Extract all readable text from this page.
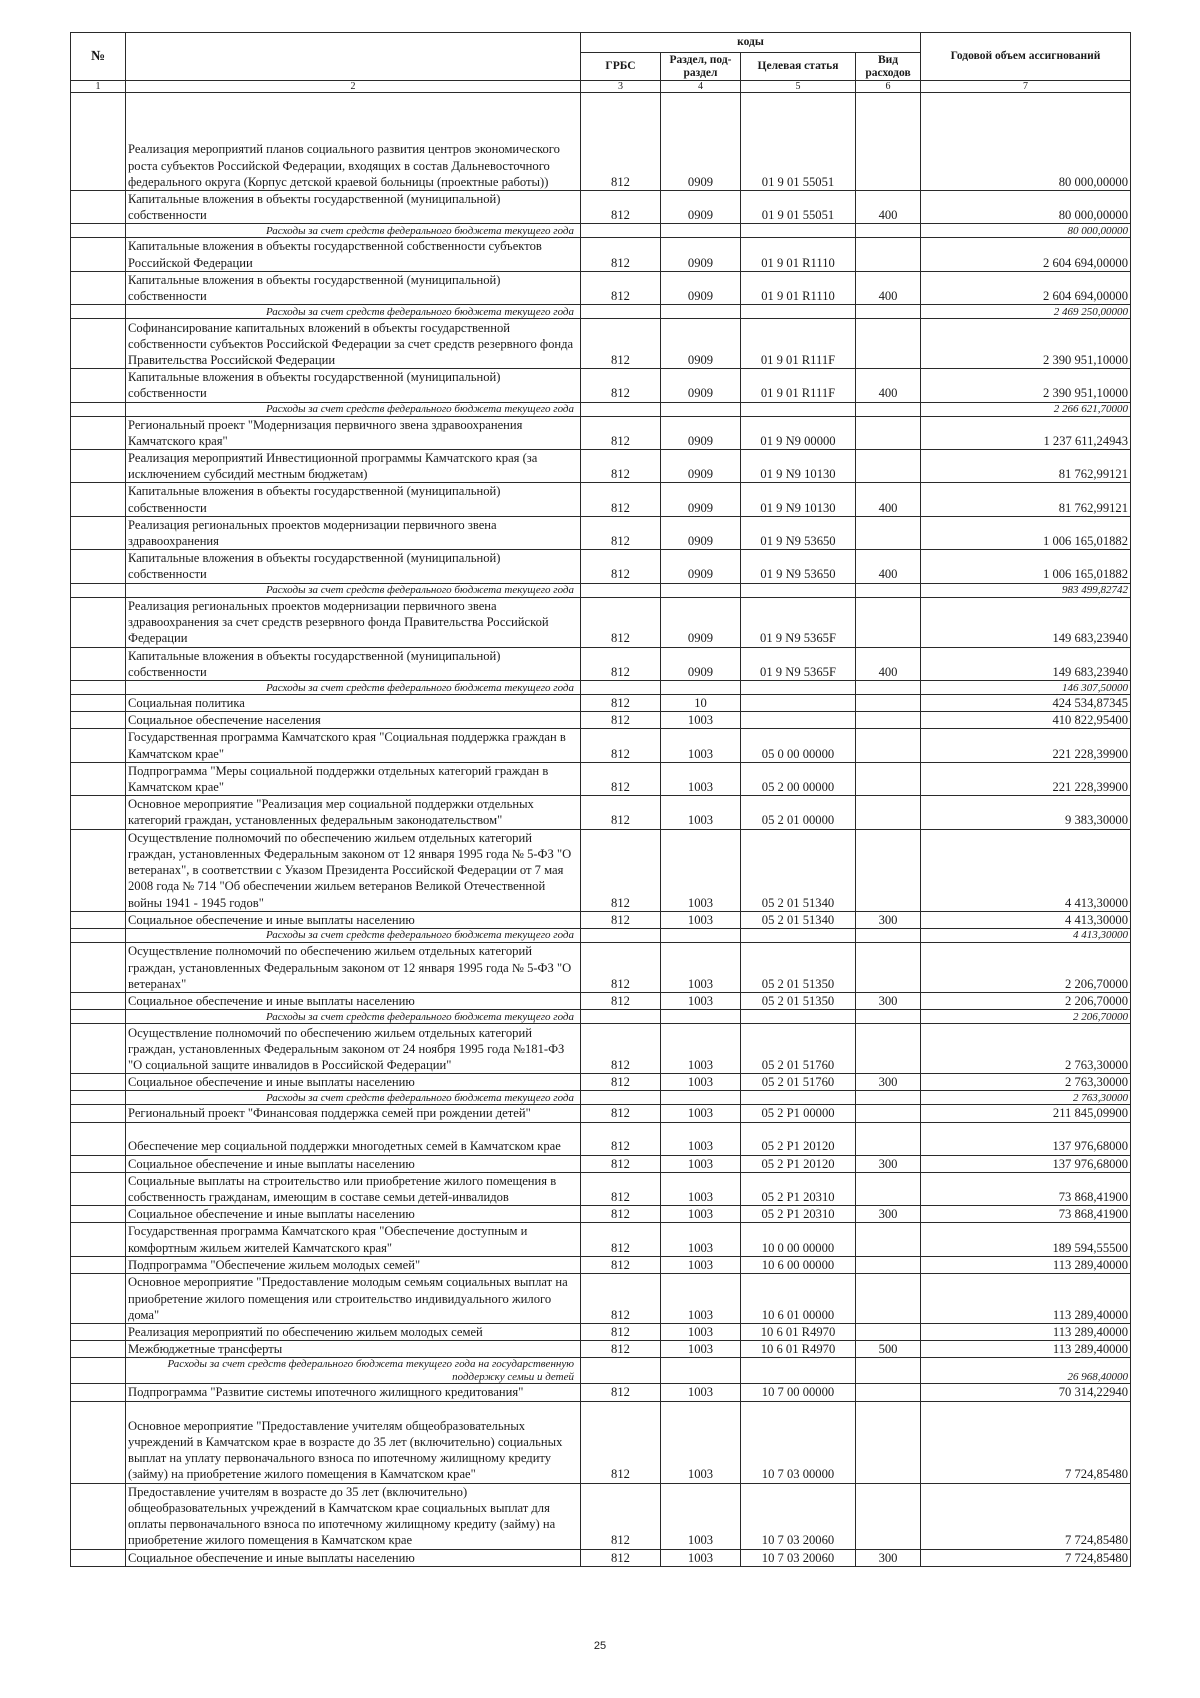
№		коды				Годовой объем ассигнований
		ГРБС	Раздел, под-раздел	Целевая статья	Вид расходов	
1	2	3	4	5	6	7
	Реализация мероприятий планов социального развития центров экономического роста субъектов Российской Федерации, входящих в состав Дальневосточного федерального округа (Корпус детской краевой больницы (проектные работы))	812	0909	01 9 01 55051		80 000,00000
	Капитальные вложения в объекты государственной (муниципальной) собственности	812	0909	01 9 01 55051	400	80 000,00000
	Расходы за счет средств федерального бюджета текущего года					80 000,00000
	Капитальные вложения в объекты государственной собственности субъектов Российской Федерации	812	0909	01 9 01 R1110		2 604 694,00000
	Капитальные вложения в объекты государственной (муниципальной) собственности	812	0909	01 9 01 R1110	400	2 604 694,00000
	Расходы за счет средств федерального бюджета текущего года					2 469 250,00000
	Софинансирование капитальных вложений в объекты государственной собственности субъектов Российской Федерации за счет средств резервного фонда Правительства Российской Федерации	812	0909	01 9 01 R111F		2 390 951,10000
	Капитальные вложения в объекты государственной (муниципальной) собственности	812	0909	01 9 01 R111F	400	2 390 951,10000
	Расходы за счет средств федерального бюджета текущего года					2 266 621,70000
	Региональный проект "Модернизация первичного звена здравоохранения Камчатского края"	812	0909	01 9 N9 00000		1 237 611,24943
	Реализация мероприятий Инвестиционной программы Камчатского края (за исключением субсидий местным бюджетам)	812	0909	01 9 N9 10130		81 762,99121
	Капитальные вложения в объекты государственной (муниципальной) собственности	812	0909	01 9 N9 10130	400	81 762,99121
	Реализация региональных проектов модернизации первичного звена здравоохранения	812	0909	01 9 N9 53650		1 006 165,01882
	Капитальные вложения в объекты государственной (муниципальной) собственности	812	0909	01 9 N9 53650	400	1 006 165,01882
	Расходы за счет средств федерального бюджета текущего года					983 499,82742
	Реализация региональных проектов модернизации первичного звена здравоохранения за счет средств резервного фонда Правительства Российской Федерации	812	0909	01 9 N9 5365F		149 683,23940
	Капитальные вложения в объекты государственной (муниципальной) собственности	812	0909	01 9 N9 5365F	400	149 683,23940
	Расходы за счет средств федерального бюджета текущего года					146 307,50000
	Социальная политика	812	10			424 534,87345
	Социальное обеспечение населения	812	1003			410 822,95400
	Государственная программа Камчатского края "Социальная поддержка граждан в Камчатском крае"	812	1003	05 0 00 00000		221 228,39900
	Подпрограмма "Меры социальной поддержки отдельных категорий граждан в Камчатском крае"	812	1003	05 2 00 00000		221 228,39900
	Основное мероприятие "Реализация мер социальной поддержки отдельных категорий граждан, установленных федеральным законодательством"	812	1003	05 2 01 00000		9 383,30000
	Осуществление полномочий по обеспечению жильем отдельных категорий граждан, установленных Федеральным законом от 12 января 1995 года № 5-ФЗ "О ветеранах", в соответствии с Указом Президента Российской Федерации от 7 мая 2008 года № 714 "Об обеспечении жильем ветеранов Великой Отечественной войны 1941 - 1945 годов"	812	1003	05 2 01 51340		4 413,30000
	Социальное обеспечение и иные выплаты населению	812	1003	05 2 01 51340	300	4 413,30000
	Расходы за счет средств федерального бюджета текущего года					4 413,30000
	Осуществление полномочий по обеспечению жильем отдельных категорий граждан, установленных Федеральным законом от 12 января 1995 года № 5-ФЗ "О ветеранах"	812	1003	05 2 01 51350		2 206,70000
	Социальное обеспечение и иные выплаты населению	812	1003	05 2 01 51350	300	2 206,70000
	Расходы за счет средств федерального бюджета текущего года					2 206,70000
	Осуществление полномочий по обеспечению жильем отдельных категорий граждан, установленных Федеральным законом от 24 ноября 1995 года №181-ФЗ "О социальной защите инвалидов в Российской Федерации"	812	1003	05 2 01 51760		2 763,30000
	Социальное обеспечение и иные выплаты населению	812	1003	05 2 01 51760	300	2 763,30000
	Расходы за счет средств федерального бюджета текущего года					2 763,30000
	Региональный проект "Финансовая поддержка семей при рождении детей"	812	1003	05 2 P1 00000		211 845,09900
	Обеспечение мер социальной поддержки многодетных семей в Камчатском крае	812	1003	05 2 P1 20120		137 976,68000
	Социальное обеспечение и иные выплаты населению	812	1003	05 2 P1 20120	300	137 976,68000
	Социальные выплаты на строительство или приобретение жилого помещения в собственность гражданам, имеющим в составе семьи детей-инвалидов	812	1003	05 2 P1 20310		73 868,41900
	Социальное обеспечение и иные выплаты населению	812	1003	05 2 P1 20310	300	73 868,41900
	Государственная программа Камчатского края "Обеспечение доступным и комфортным жильем жителей Камчатского края"	812	1003	10 0 00 00000		189 594,55500
	Подпрограмма "Обеспечение жильем молодых семей"	812	1003	10 6 00 00000		113 289,40000
	Основное мероприятие "Предоставление молодым семьям социальных выплат на приобретение жилого помещения или строительство индивидуального жилого дома"	812	1003	10 6 01 00000		113 289,40000
	Реализация мероприятий по обеспечению жильем молодых семей	812	1003	10 6 01 R4970		113 289,40000
	Межбюджетные трансферты	812	1003	10 6 01 R4970	500	113 289,40000
	Расходы за счет средств федерального бюджета текущего года на государственную поддержку семьи и детей					26 968,40000
	Подпрограмма "Развитие системы ипотечного жилищного кредитования"	812	1003	10 7 00 00000		70 314,22940
	Основное мероприятие "Предоставление учителям общеобразовательных учреждений в Камчатском крае в возрасте до 35 лет (включительно) социальных выплат на уплату первоначального взноса по ипотечному жилищному кредиту (займу) на приобретение жилого помещения в Камчатском крае"	812	1003	10 7 03 00000		7 724,85480
	Предоставление учителям в возрасте до 35 лет (включительно) общеобразовательных учреждений в Камчатском крае социальных выплат для оплаты первоначального взноса по ипотечному жилищному кредиту (займу) на приобретение жилого помещения в Камчатском крае	812	1003	10 7 03 20060		7 724,85480
	Социальное обеспечение и иные выплаты населению	812	1003	10 7 03 20060	300	7 724,85480
25
